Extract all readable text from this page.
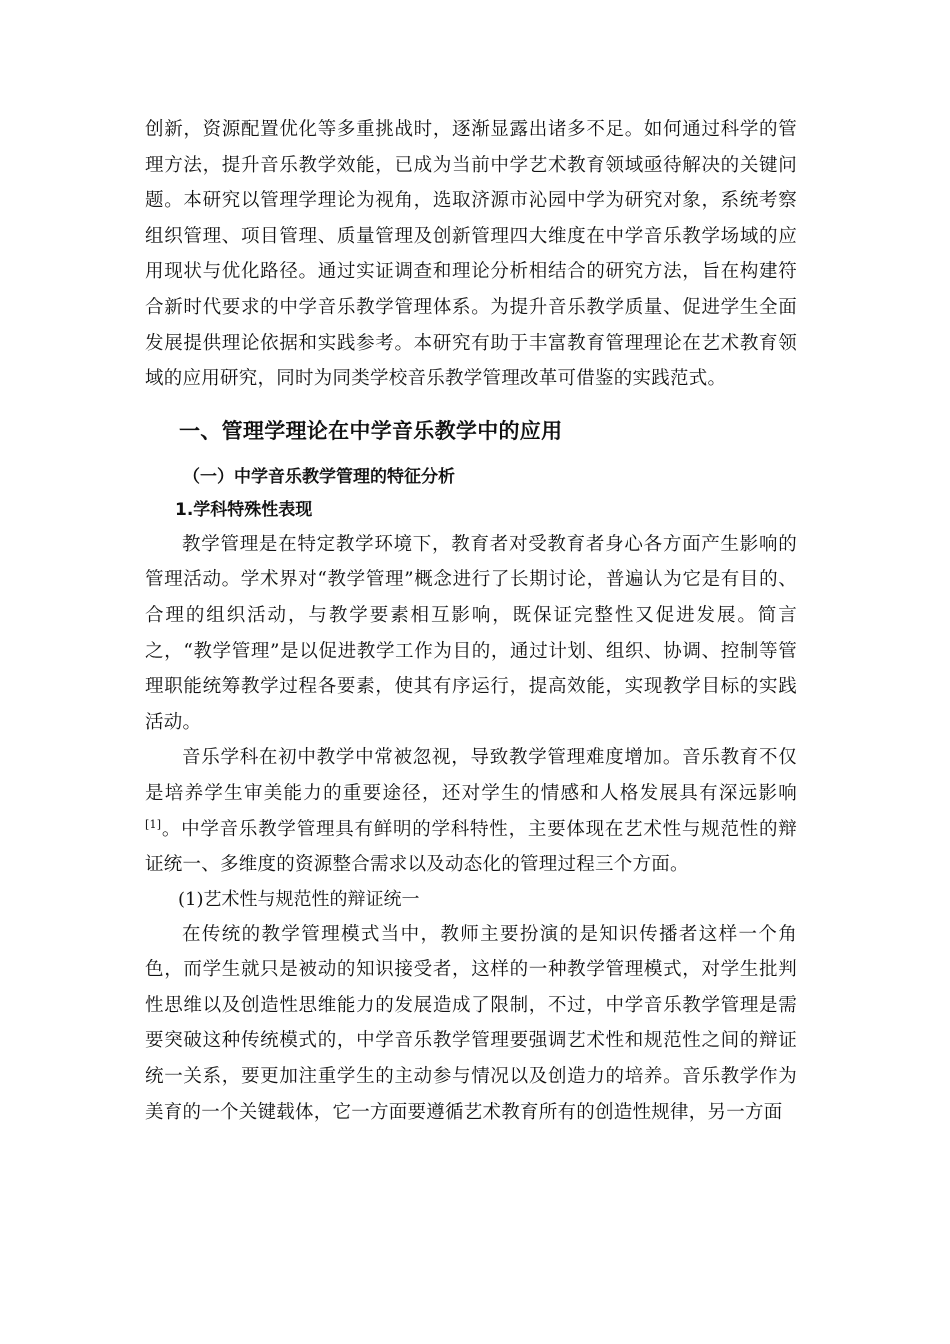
创新，资源配置优化等多重挑战时，逐渐显露出诸多不足。如何通过科学的管理方法，提升音乐教学效能，已成为当前中学艺术教育领域亟待解决的关键问题。本研究以管理学理论为视角，选取济源市沁园中学为研究对象，系统考察组织管理、项目管理、质量管理及创新管理四大维度在中学音乐教学场域的应用现状与优化路径。通过实证调查和理论分析相结合的研究方法，旨在构建符合新时代要求的中学音乐教学管理体系。为提升音乐教学质量、促进学生全面发展提供理论依据和实践参考。本研究有助于丰富教育管理理论在艺术教育领域的应用研究，同时为同类学校音乐教学管理改革可借鉴的实践范式。

一、管理学理论在中学音乐教学中的应用
（一）中学音乐教学管理的特征分析
1.学科特殊性表现

教学管理是在特定教学环境下，教育者对受教育者身心各方面产生影响的管理活动。学术界对“教学管理”概念进行了长期讨论，普遍认为它是有目的、合理的组织活动，与教学要素相互影响，既保证完整性又促进发展。简言之，“教学管理”是以促进教学工作为目的，通过计划、组织、协调、控制等管理职能统筹教学过程各要素，使其有序运行，提高效能，实现教学目标的实践活动。

音乐学科在初中教学中常被忽视，导致教学管理难度增加。音乐教育不仅是培养学生审美能力的重要途径，还对学生的情感和人格发展具有深远影响[1]。中学音乐教学管理具有鲜明的学科特性，主要体现在艺术性与规范性的辩证统一、多维度的资源整合需求以及动态化的管理过程三个方面。

(1)艺术性与规范性的辩证统一

在传统的教学管理模式当中，教师主要扮演的是知识传播者这样一个角色，而学生就只是被动的知识接受者，这样的一种教学管理模式，对学生批判性思维以及创造性思维能力的发展造成了限制，不过，中学音乐教学管理是需要突破这种传统模式的，中学音乐教学管理要强调艺术性和规范性之间的辩证统一关系，要更加注重学生的主动参与情况以及创造力的培养。音乐教学作为美育的一个关键载体，它一方面要遵循艺术教育所有的创造性规律，另一方面
